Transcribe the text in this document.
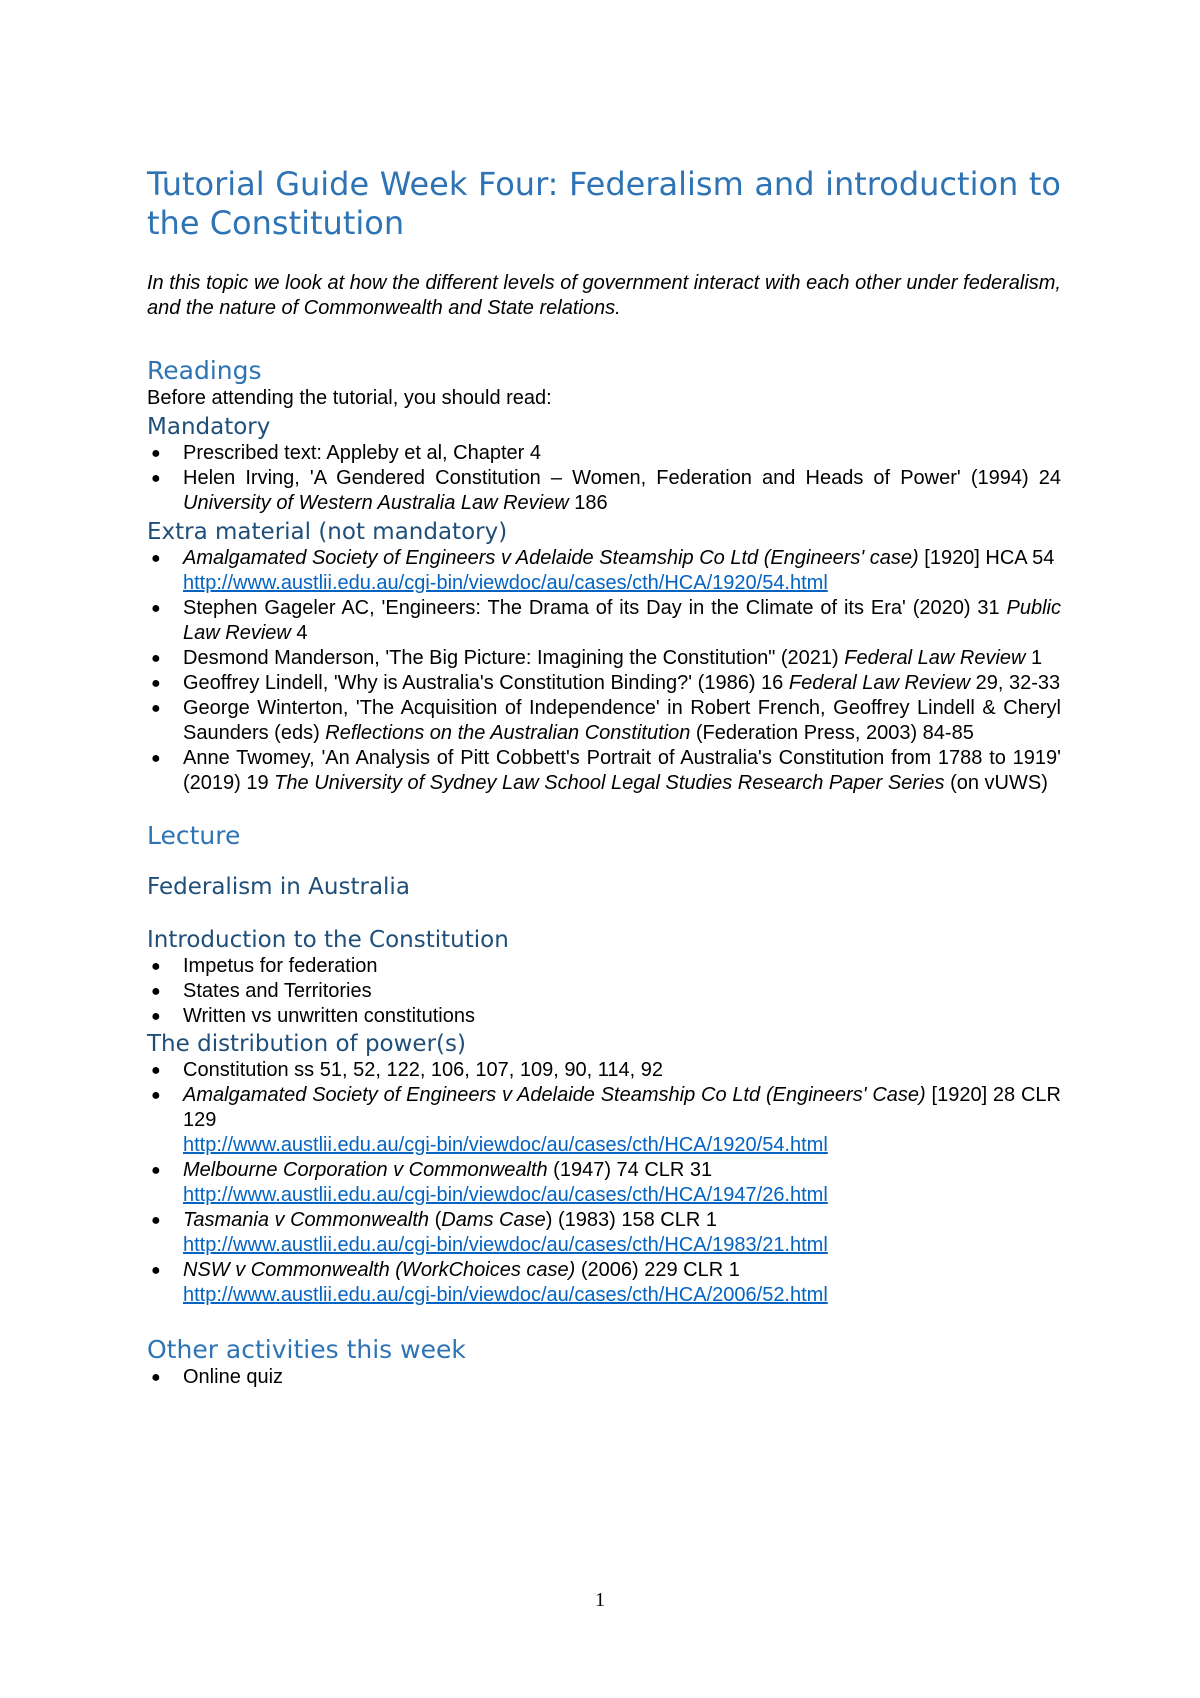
Tutorial Guide Week Four: Federalism and introduction to the Constitution

In this topic we look at how the different levels of government interact with each other under federalism, and the nature of Commonwealth and State relations.

Readings

Before attending the tutorial, you should read:

Mandatory
● Prescribed text: Appleby et al, Chapter 4
● Helen Irving, 'A Gendered Constitution – Women, Federation and Heads of Power' (1994) 24 University of Western Australia Law Review 186
Extra material (not mandatory)
● Amalgamated Society of Engineers v Adelaide Steamship Co Ltd (Engineers' case) [1920] HCA 54
http://www.austlii.edu.au/cgi-bin/viewdoc/au/cases/cth/HCA/1920/54.html
● Stephen Gageler AC, 'Engineers: The Drama of its Day in the Climate of its Era' (2020) 31 Public Law Review 4
● Desmond Manderson, 'The Big Picture: Imagining the Constitution" (2021) Federal Law Review 1
● Geoffrey Lindell, 'Why is Australia's Constitution Binding?' (1986) 16 Federal Law Review 29, 32-33
● George Winterton, 'The Acquisition of Independence' in Robert French, Geoffrey Lindell & Cheryl Saunders (eds) Reflections on the Australian Constitution (Federation Press, 2003) 84-85
● Anne Twomey, 'An Analysis of Pitt Cobbett's Portrait of Australia's Constitution from 1788 to 1919' (2019) 19 The University of Sydney Law School Legal Studies Research Paper Series (on vUWS)
Lecture
Federalism in Australia
Introduction to the Constitution
● Impetus for federation
● States and Territories
● Written vs unwritten constitutions
The distribution of power(s)
● Constitution ss 51, 52, 122, 106, 107, 109, 90, 114, 92
● Amalgamated Society of Engineers v Adelaide Steamship Co Ltd (Engineers' Case) [1920] 28 CLR 129
http://www.austlii.edu.au/cgi-bin/viewdoc/au/cases/cth/HCA/1920/54.html
● Melbourne Corporation v Commonwealth (1947) 74 CLR 31
http://www.austlii.edu.au/cgi-bin/viewdoc/au/cases/cth/HCA/1947/26.html
● Tasmania v Commonwealth (Dams Case) (1983) 158 CLR 1
http://www.austlii.edu.au/cgi-bin/viewdoc/au/cases/cth/HCA/1983/21.html
● NSW v Commonwealth (WorkChoices case) (2006) 229 CLR 1
http://www.austlii.edu.au/cgi-bin/viewdoc/au/cases/cth/HCA/2006/52.html
Other activities this week
● Online quiz
1
